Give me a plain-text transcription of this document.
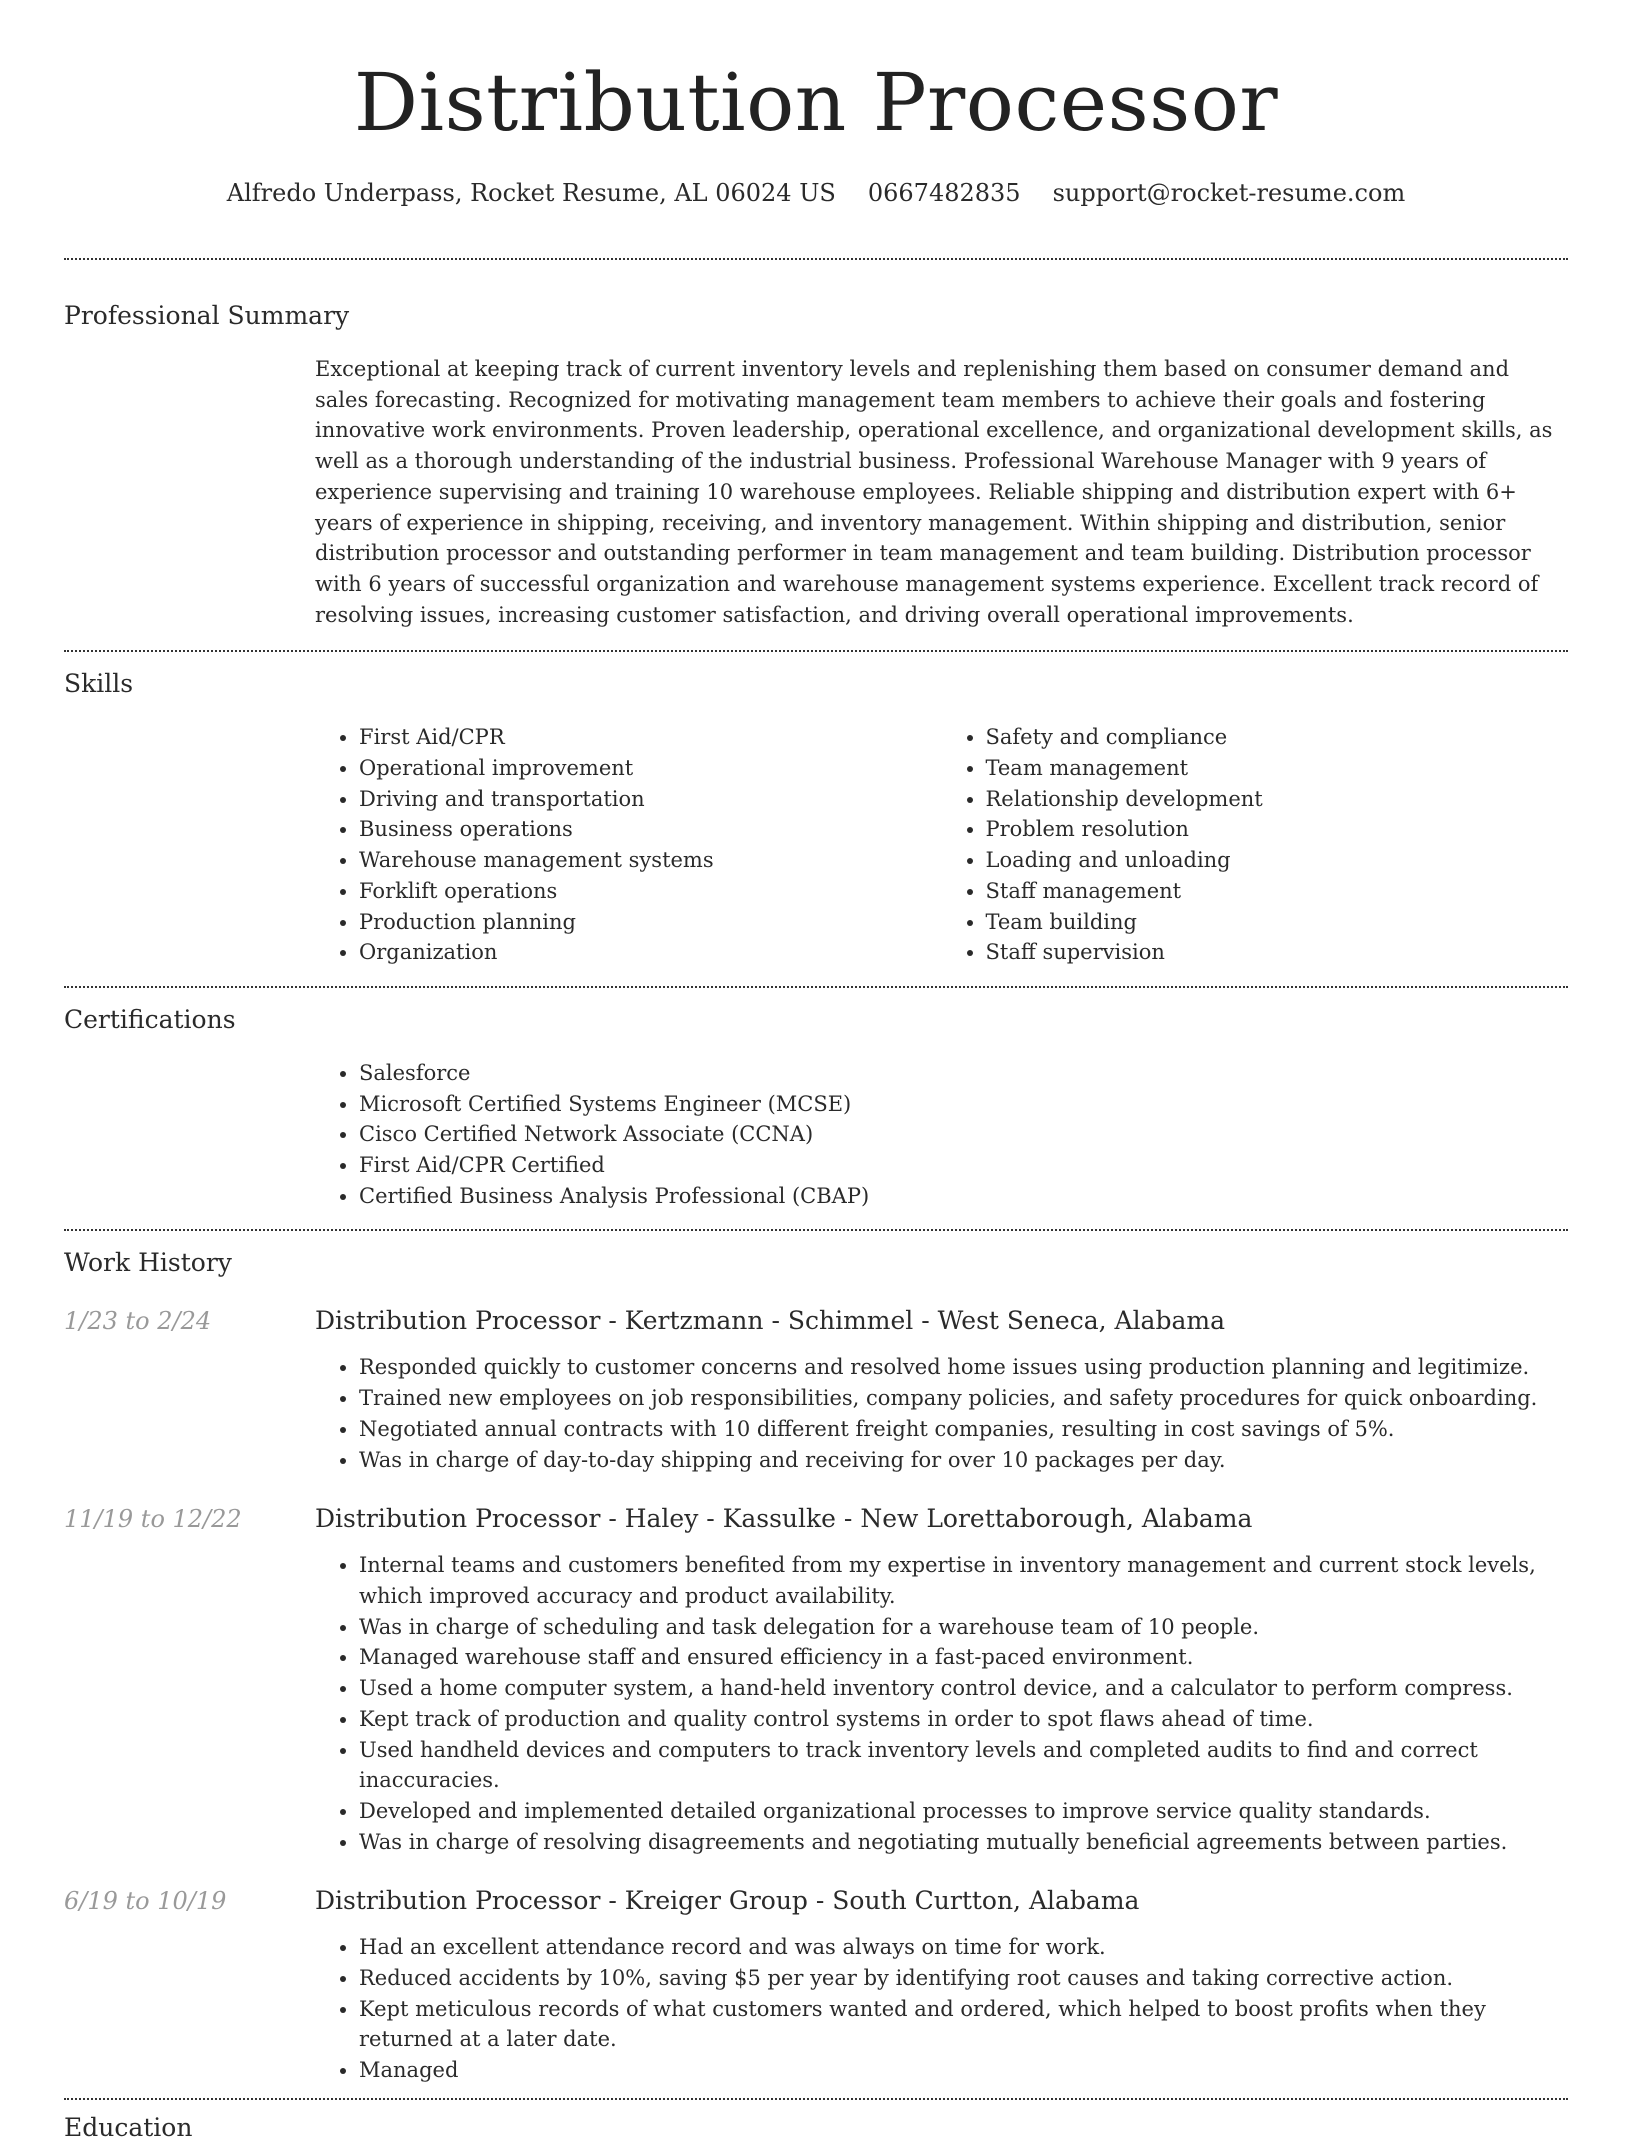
Distribution Processor
Alfredo Underpass, Rocket Resume, AL 06024 US 0667482835 support@rocket-resume.com
Professional Summary

Exceptional at keeping track of current inventory levels and replenishing them based on consumer demand and sales forecasting. Recognized for motivating management team members to achieve their goals and fostering innovative work environments. Proven leadership, operational excellence, and organizational development skills, as well as a thorough understanding of the industrial business. Professional Warehouse Manager with 9 years of experience supervising and training 10 warehouse employees. Reliable shipping and distribution expert with 6+ years of experience in shipping, receiving, and inventory management. Within shipping and distribution, senior distribution processor and outstanding performer in team management and team building. Distribution processor with 6 years of successful organization and warehouse management systems experience. Excellent track record of resolving issues, increasing customer satisfaction, and driving overall operational improvements.

Skills
• First Aid/CPR
• Operational improvement
• Driving and transportation
• Business operations
• Warehouse management systems
• Forklift operations
• Production planning
• Organization
• Safety and compliance
• Team management
• Relationship development
• Problem resolution
• Loading and unloading
• Staff management
• Team building
• Staff supervision
Certifications
• Salesforce
• Microsoft Certified Systems Engineer (MCSE)
• Cisco Certified Network Associate (CCNA)
• First Aid/CPR Certified
• Certified Business Analysis Professional (CBAP)
Work History
1/23 to 2/24	Distribution Processor - Kertzmann - Schimmel - West Seneca, Alabama
• Responded quickly to customer concerns and resolved home issues using production planning and legitimize.
• Trained new employees on job responsibilities, company policies, and safety procedures for quick onboarding.
• Negotiated annual contracts with 10 different freight companies, resulting in cost savings of 5%.
• Was in charge of day-to-day shipping and receiving for over 10 packages per day.
11/19 to 12/22	Distribution Processor - Haley - Kassulke - New Lorettaborough, Alabama
• Internal teams and customers benefited from my expertise in inventory management and current stock levels, which improved accuracy and product availability.
• Was in charge of scheduling and task delegation for a warehouse team of 10 people.
• Managed warehouse staff and ensured efficiency in a fast-paced environment.
• Used a home computer system, a hand-held inventory control device, and a calculator to perform compress.
• Kept track of production and quality control systems in order to spot flaws ahead of time.
• Used handheld devices and computers to track inventory levels and completed audits to find and correct inaccuracies.
• Developed and implemented detailed organizational processes to improve service quality standards.
• Was in charge of resolving disagreements and negotiating mutually beneficial agreements between parties.
6/19 to 10/19	Distribution Processor - Kreiger Group - South Curtton, Alabama
• Had an excellent attendance record and was always on time for work.
• Reduced accidents by 10%, saving $5 per year by identifying root causes and taking corrective action.
• Kept meticulous records of what customers wanted and ordered, which helped to boost profits when they returned at a later date.
• Managed
Education
